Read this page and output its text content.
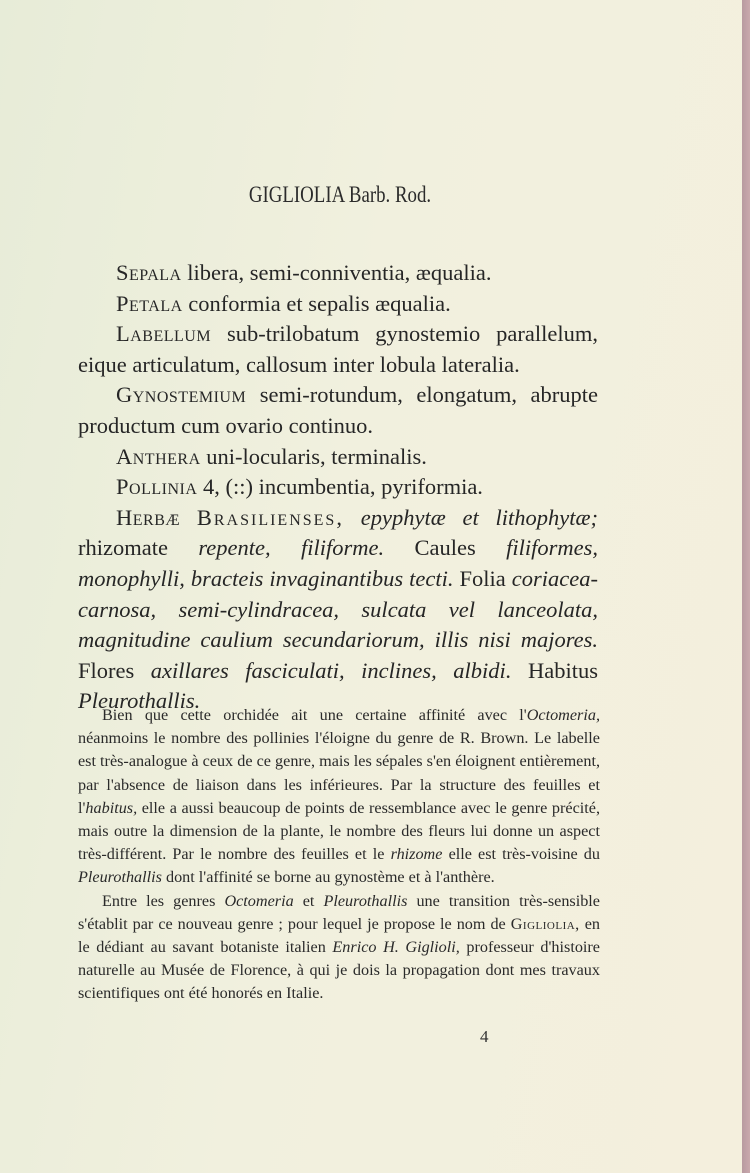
GIGLIOLIA Barb. Rod.

Sepala libera, semi-conniventia, æqualia.

Petala conformia et sepalis æqualia.

Labellum sub-trilobatum gynostemio parallelum, eique articulatum, callosum inter lobula lateralia.

Gynostemium semi-rotundum, elongatum, abrupte productum cum ovario continuo.

Anthera uni-locularis, terminalis.

Pollinia 4, (::) incumbentia, pyriformia.

Herbæ Brasilienses, epyphytæ et lithophytæ; rhizomate repente, filiforme. Caules filiformes, monophylli, bracteis invaginantibus tecti. Folia coriacea-carnosa, semi-cylindracea, sulcata vel lanceolata, magnitudine caulium secundariorum, illis nisi majores. Flores axillares fasciculati, inclines, albidi. Habitus Pleurothallis.

Bien que cette orchidée ait une certaine affinité avec l'Octomeria, néanmoins le nombre des pollinies l'éloigne du genre de R. Brown. Le labelle est très-analogue à ceux de ce genre, mais les sépales s'en éloignent entièrement, par l'absence de liaison dans les inférieures. Par la structure des feuilles et l'habitus, elle a aussi beaucoup de points de ressemblance avec le genre précité, mais outre la dimension de la plante, le nombre des fleurs lui donne un aspect très-différent. Par le nombre des feuilles et le rhizome elle est très-voisine du Pleurothallis dont l'affinité se borne au gynostème et à l'anthère.

Entre les genres Octomeria et Pleurothallis une transition très-sensible s'établit par ce nouveau genre ; pour lequel je propose le nom de Gigliolia, en le dédiant au savant botaniste italien Enrico H. Giglioli, professeur d'histoire naturelle au Musée de Florence, à qui je dois la propagation dont mes travaux scientifiques ont été honorés en Italie.

4
